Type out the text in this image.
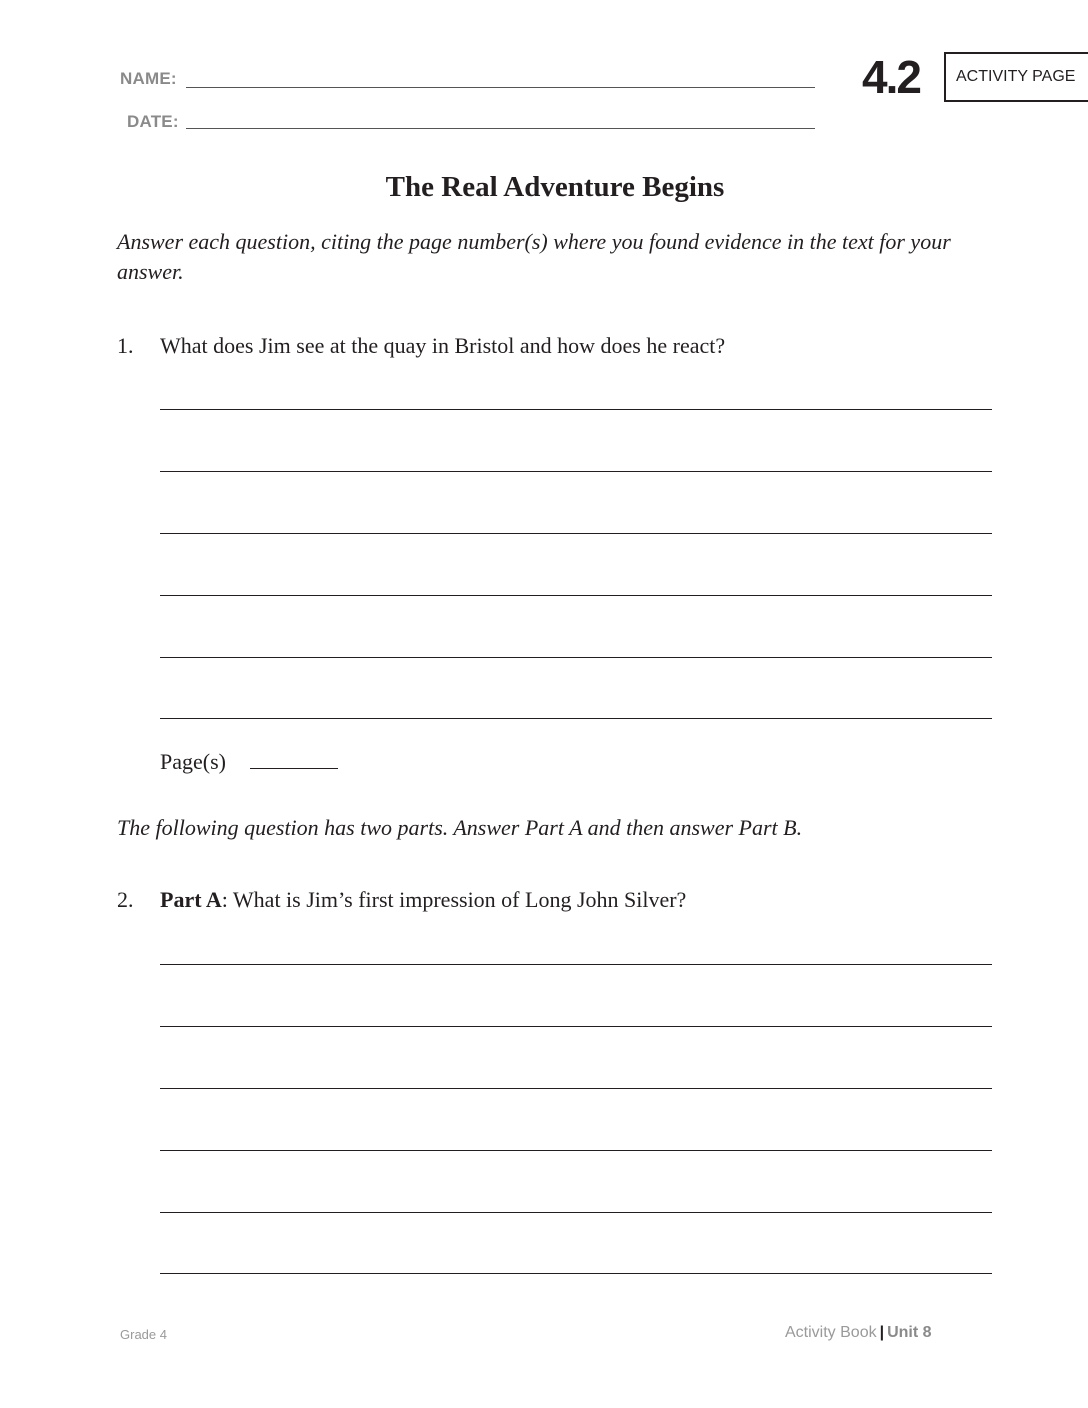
NAME:
DATE:
4.2 ACTIVITY PAGE
The Real Adventure Begins
Answer each question, citing the page number(s) where you found evidence in the text for your answer.
1. What does Jim see at the quay in Bristol and how does he react?
Page(s)
The following question has two parts. Answer Part A and then answer Part B.
2. Part A: What is Jim’s first impression of Long John Silver?
Grade 4	Activity Book | Unit 8
